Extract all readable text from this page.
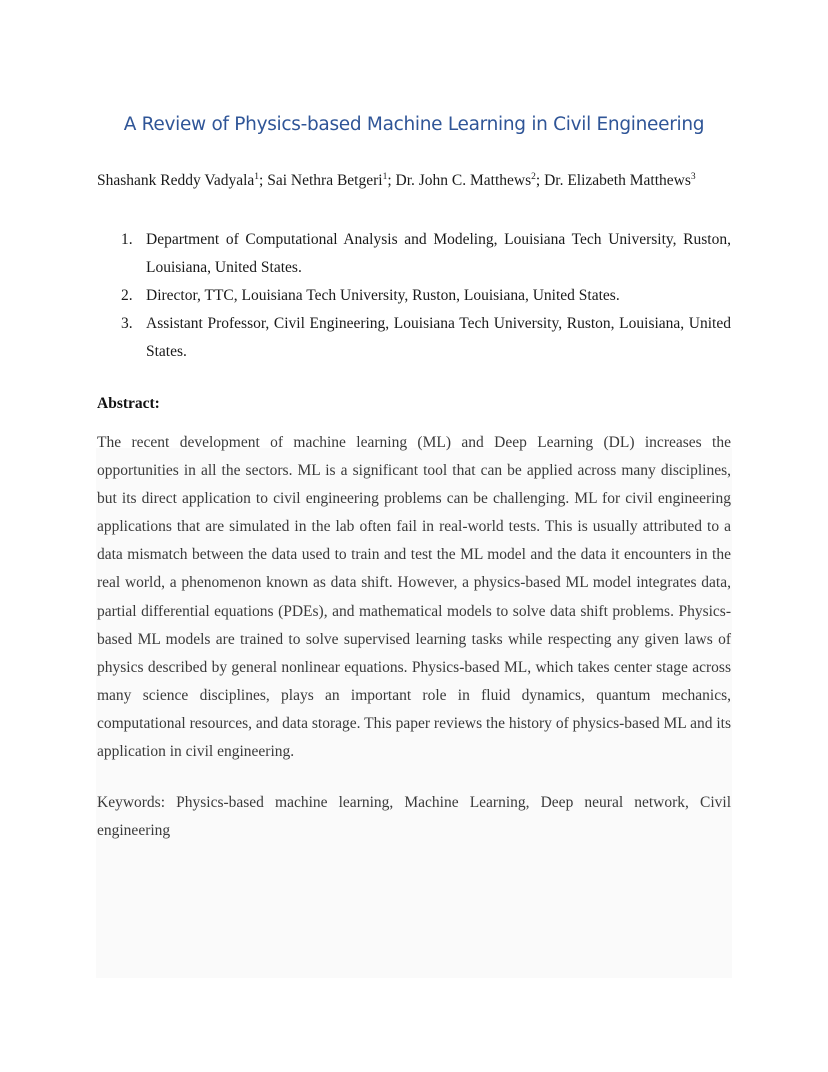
A Review of Physics-based Machine Learning in Civil Engineering
Shashank Reddy Vadyala$^1$; Sai Nethra Betgeri$^1$; Dr. John C. Matthews$^2$; Dr. Elizabeth Matthews$^3$
1. Department of Computational Analysis and Modeling, Louisiana Tech University, Ruston, Louisiana, United States.
2. Director, TTC, Louisiana Tech University, Ruston, Louisiana, United States.
3. Assistant Professor, Civil Engineering, Louisiana Tech University, Ruston, Louisiana, United States.
Abstract:

The recent development of machine learning (ML) and Deep Learning (DL) increases the opportunities in all the sectors. ML is a significant tool that can be applied across many disciplines, but its direct application to civil engineering problems can be challenging. ML for civil engineering applications that are simulated in the lab often fail in real-world tests. This is usually attributed to a data mismatch between the data used to train and test the ML model and the data it encounters in the real world, a phenomenon known as data shift. However, a physics-based ML model integrates data, partial differential equations (PDEs), and mathematical models to solve data shift problems. Physics-based ML models are trained to solve supervised learning tasks while respecting any given laws of physics described by general nonlinear equations. Physics-based ML, which takes center stage across many science disciplines, plays an important role in fluid dynamics, quantum mechanics, computational resources, and data storage. This paper reviews the history of physics-based ML and its application in civil engineering.

Keywords: Physics-based machine learning, Machine Learning, Deep neural network, Civil engineering
